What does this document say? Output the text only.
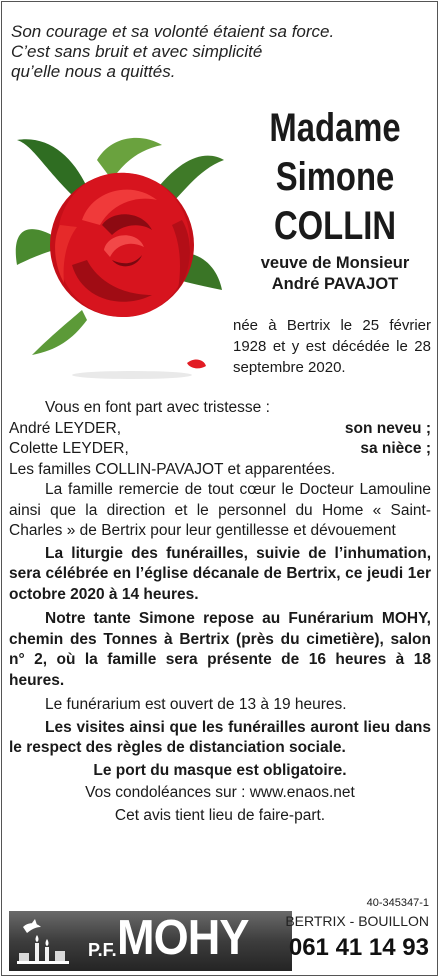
Son courage et sa volonté étaient sa force.
C’est sans bruit et avec simplicité
qu’elle nous a quittés.
Madame
Simone
COLLIN
veuve de Monsieur
André PAVAJOT
née à Bertrix le 25 février 1928 et y est décédée le 28 septembre 2020.
Vous en font part avec tristesse :
André LEYDER,	son neveu ;
Colette LEYDER,	sa nièce ;
Les familles COLLIN-PAVAJOT et apparentées.
La famille remercie de tout cœur le Docteur Lamouline ainsi que la direction et le personnel du Home « Saint-Charles » de Bertrix pour leur gentillesse et dévouement
La liturgie des funérailles, suivie de l’inhumation, sera célébrée en l’église décanale de Bertrix, ce jeudi 1er octobre 2020 à 14 heures.
Notre tante Simone repose au Funérarium MOHY, chemin des Tonnes à Bertrix (près du cimetière), salon n° 2, où la famille sera présente de 16 heures à 18 heures.
Le funérarium est ouvert de 13 à 19 heures.
Les visites ainsi que les funérailles auront lieu dans le respect des règles de distanciation sociale.
Le port du masque est obligatoire.
Vos condoléances sur : www.enaos.net
Cet avis tient lieu de faire-part.
40-345347-1
P.F. MOHY	BERTRIX - BOUILLON
061 41 14 93
